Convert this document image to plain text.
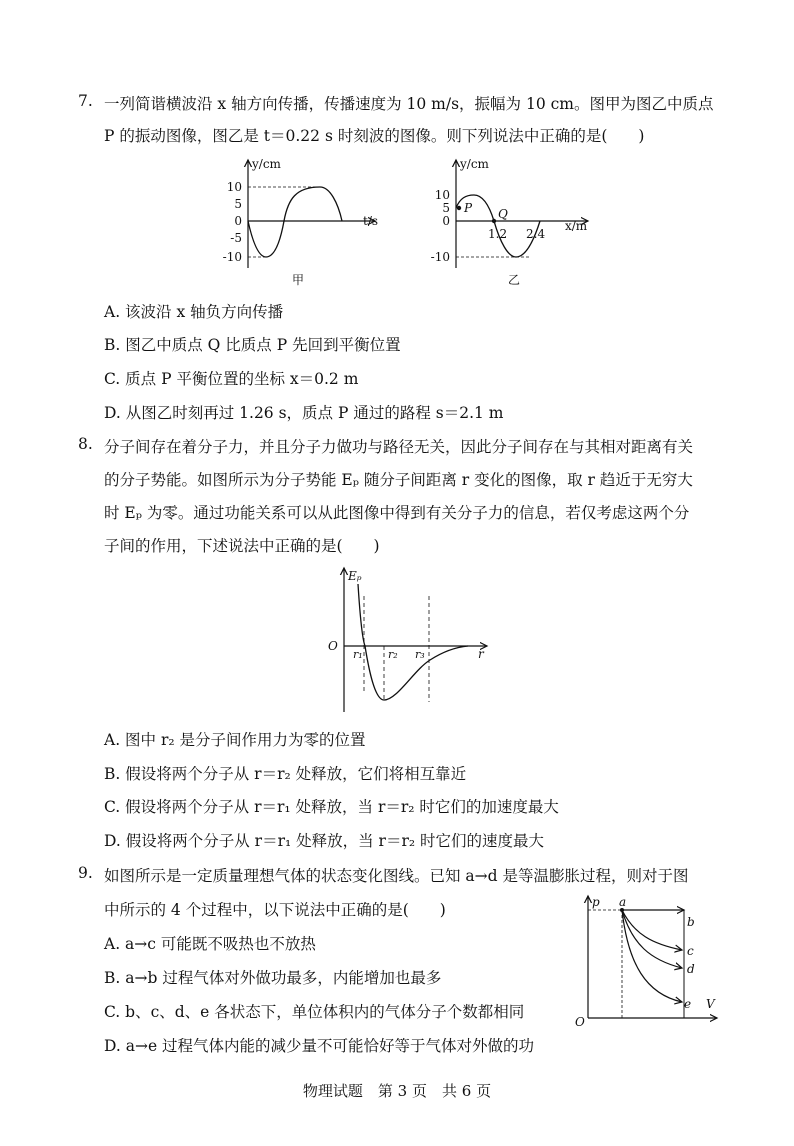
7. 一列简谐横波沿 x 轴方向传播，传播速度为 10 m/s，振幅为 10 cm。图甲为图乙中质点
P 的振动图像，图乙是 t＝0.22 s 时刻波的图像。则下列说法中正确的是(　　)
y/cm
t/s
10
5
0
-5
-10
甲
y/cm
x/m
10
5
0
-10
P Q
1.2 2.4
乙
A. 该波沿 x 轴负方向传播
B. 图乙中质点 Q 比质点 P 先回到平衡位置
C. 质点 P 平衡位置的坐标 x＝0.2 m
D. 从图乙时刻再过 1.26 s，质点 P 通过的路程 s＝2.1 m
8. 分子间存在着分子力，并且分子力做功与路径无关，因此分子间存在与其相对距离有关
的分子势能。如图所示为分子势能 Eₚ 随分子间距离 r 变化的图像，取 r 趋近于无穷大
时 Eₚ 为零。通过功能关系可以从此图像中得到有关分子力的信息，若仅考虑这两个分
子间的作用，下述说法中正确的是(　　)
Eₚ
O
r
r₁ r₂ r₃
A. 图中 r₂ 是分子间作用力为零的位置
B. 假设将两个分子从 r＝r₂ 处释放，它们将相互靠近
C. 假设将两个分子从 r＝r₁ 处释放，当 r＝r₂ 时它们的加速度最大
D. 假设将两个分子从 r＝r₁ 处释放，当 r＝r₂ 时它们的速度最大
9. 如图所示是一定质量理想气体的状态变化图线。已知 a→d 是等温膨胀过程，则对于图
中所示的 4 个过程中，以下说法中正确的是(　　)
A. a→c 可能既不吸热也不放热
B. a→b 过程气体对外做功最多，内能增加也最多
C. b、c、d、e 各状态下，单位体积内的气体分子个数都相同
D. a→e 过程气体内能的减少量不可能恰好等于气体对外做的功
p
V
O
a
b
c
d
e
物理试题　第 3 页　共 6 页
